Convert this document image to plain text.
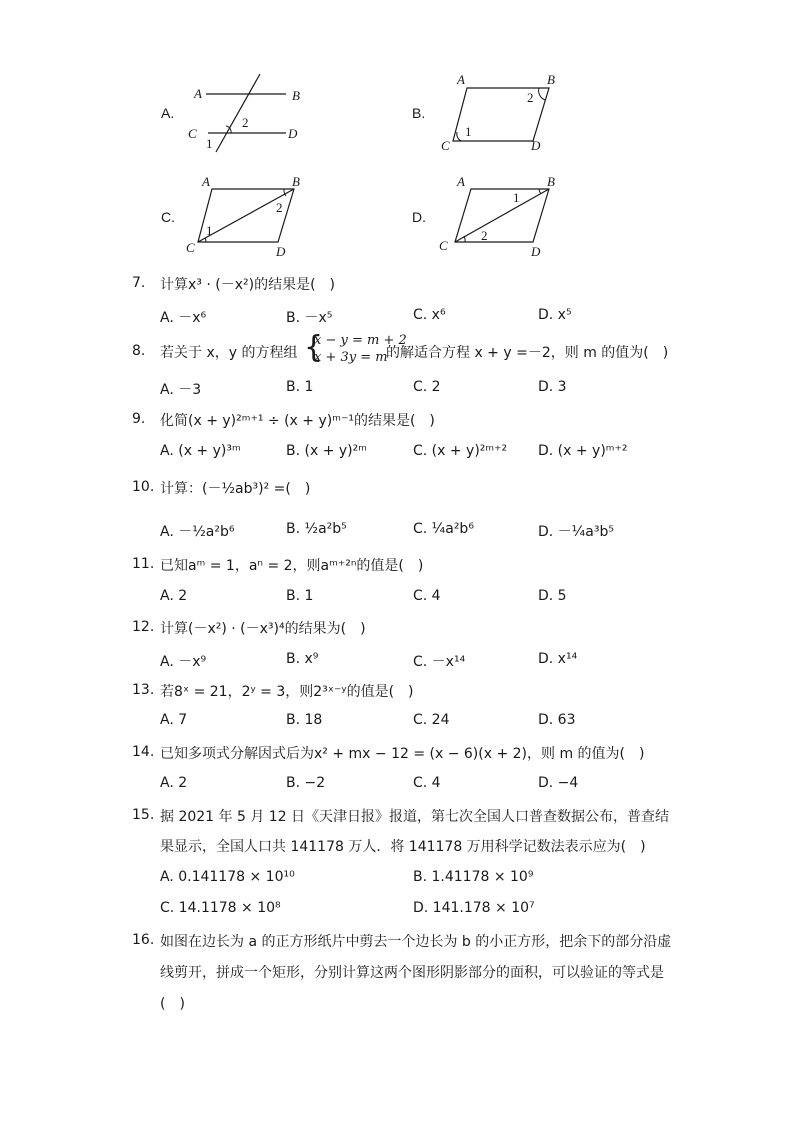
A.
A	B
C	D
1
2
B.
A	B
C	D
1
2
C.
A	B
C	D
1
2
D.
A	B
C	D
1
2
7. 计算x³ · (－x²)的结果是(　)
A. －x⁶	B. －x⁵	C. x⁶	D. x⁵
8. 若关于 x，y 的方程组 {
x − y = m + 2
x + 3y = m
的解适合方程 x + y =－2，则 m 的值为(　)
A. －3	B. 1	C. 2	D. 3
9. 化简(x + y)²ᵐ⁺¹ ÷ (x + y)ᵐ⁻¹的结果是(　)
A. (x + y)³ᵐ	B. (x + y)²ᵐ	C. (x + y)²ᵐ⁺² D. (x + y)ᵐ⁺²
10. 计算：(－½ab³)² =(　)
A. －½a²b⁶	B. ½a²b⁵	C. ¼a²b⁶	D. －¼a³b⁵
11. 已知aᵐ = 1，aⁿ = 2，则aᵐ⁺²ⁿ的值是(　)
A. 2	B. 1	C. 4	D. 5
12. 计算(－x²) · (－x³)⁴的结果为(　)
A. －x⁹	B. x⁹	C. －x¹⁴	D. x¹⁴
13. 若8ˣ = 21，2ʸ = 3，则2³ˣ⁻ʸ的值是(　)
A. 7	B. 18	C. 24	D. 63
14. 已知多项式分解因式后为x² + mx − 12 = (x − 6)(x + 2)，则 m 的值为(　)
A. 2	B. −2	C. 4	D. −4
15. 据 2021 年 5 月 12 日《天津日报》报道，第七次全国人口普查数据公布，普查结
果显示，全国人口共 141178 万人．将 141178 万用科学记数法表示应为(　)
A. 0.141178 × 10¹⁰	B. 1.41178 × 10⁹
C. 14.1178 × 10⁸	D. 141.178 × 10⁷
16. 如图在边长为 a 的正方形纸片中剪去一个边长为 b 的小正方形，把余下的部分沿虚
线剪开，拼成一个矩形，分别计算这两个图形阴影部分的面积，可以验证的等式是
(　)
